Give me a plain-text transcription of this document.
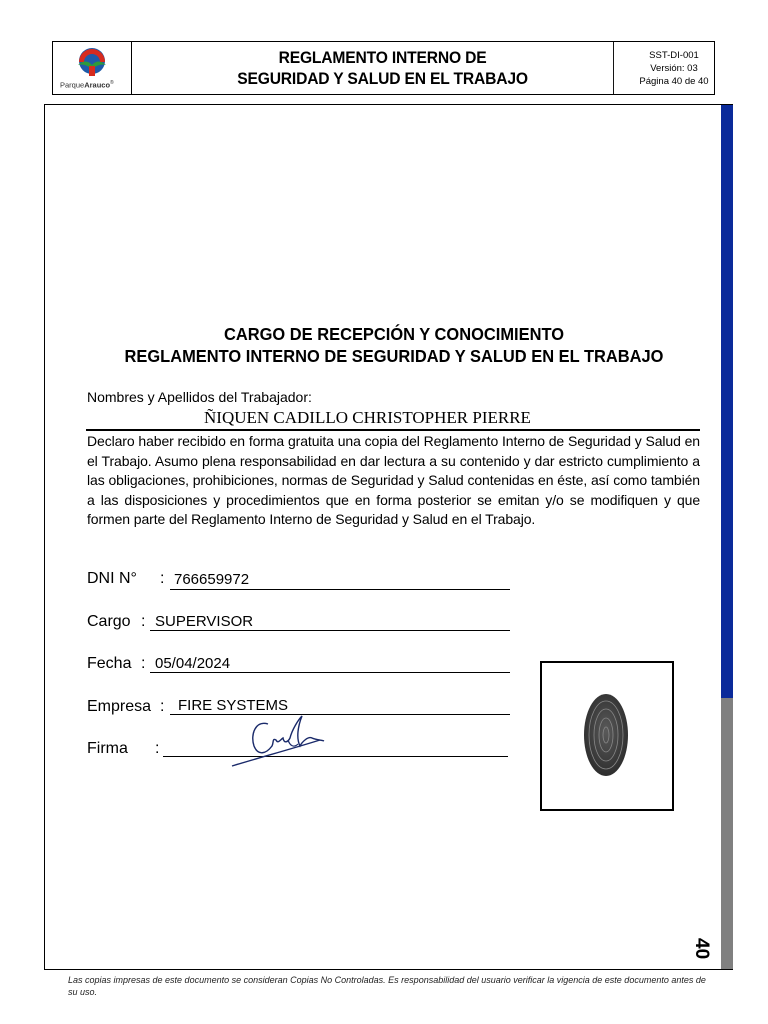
ParqueArauco®
REGLAMENTO INTERNO DE
SEGURIDAD Y SALUD EN EL TRABAJO
SST-DI-001
Versión: 03
Página 40 de 40
40
CARGO DE RECEPCIÓN Y CONOCIMIENTO
REGLAMENTO INTERNO DE SEGURIDAD Y SALUD EN EL TRABAJO
Nombres y Apellidos del Trabajador:
ÑIQUEN CADILLO CHRISTOPHER PIERRE
Declaro haber recibido en forma gratuita una copia del Reglamento Interno de Seguridad y Salud en el Trabajo. Asumo plena responsabilidad en dar lectura a su contenido y dar estricto cumplimiento a las obligaciones, prohibiciones, normas de Seguridad y Salud contenidas en éste, así como también a las disposiciones y procedimientos que en forma posterior se emitan y/o se modifiquen y que formen parte del Reglamento Interno de Seguridad y Salud en el Trabajo.
DNI N° : 766659972
Cargo : SUPERVISOR
Fecha : 05/04/2024
Empresa : FIRE SYSTEMS
Firma :
Las copias impresas de este documento se consideran Copias No Controladas. Es responsabilidad del usuario verificar la vigencia de este documento antes de su uso.
